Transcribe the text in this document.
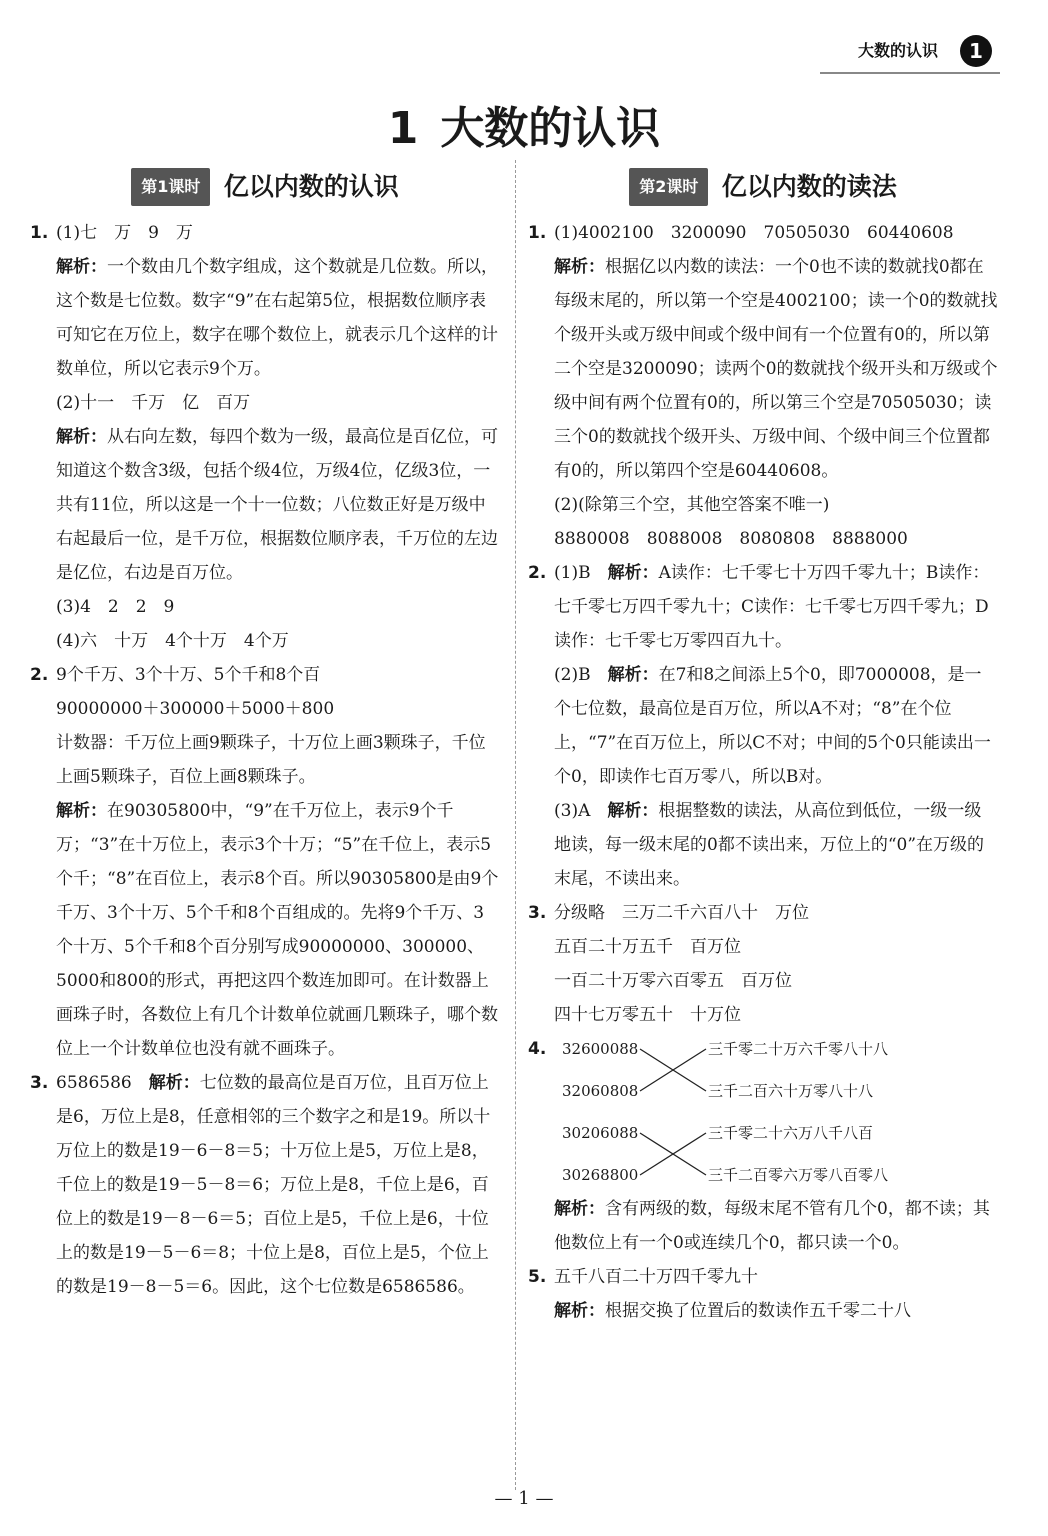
大数的认识	1
1 大数的认识
第1课时 亿以内数的认识
1. (1)七　万　9　万

解析：一个数由几个数字组成，这个数就是几位数。所以，这个数是七位数。数字“9”在右起第5位，根据数位顺序表可知它在万位上，数字在哪个数位上，就表示几个这样的计数单位，所以它表示9个万。

(2)十一　千万　亿　百万

解析：从右向左数，每四个数为一级，最高位是百亿位，可知道这个数含3级，包括个级4位，万级4位，亿级3位，一共有11位，所以这是一个十一位数；八位数正好是万级中右起最后一位，是千万位，根据数位顺序表，千万位的左边是亿位，右边是百万位。

(3)4　2　2　9

(4)六　十万　4个十万　4个万

2. 9个千万、3个十万、5个千和8个百

90000000＋300000＋5000＋800

计数器：千万位上画9颗珠子，十万位上画3颗珠子，千位上画5颗珠子，百位上画8颗珠子。

解析：在90305800中，“9”在千万位上，表示9个千万；“3”在十万位上，表示3个十万；“5”在千位上，表示5个千；“8”在百位上，表示8个百。所以90305800是由9个千万、3个十万、5个千和8个百组成的。先将9个千万、3个十万、5个千和8个百分别写成90000000、300000、5000和800的形式，再把这四个数连加即可。在计数器上画珠子时，各数位上有几个计数单位就画几颗珠子，哪个数位上一个计数单位也没有就不画珠子。

3. 6586586　 解析：七位数的最高位是百万位，且百万位上是6，万位上是8，任意相邻的三个数字之和是19。所以十万位上的数是19－6－8＝5；十万位上是5，万位上是8，千位上的数是19－5－8＝6；万位上是8，千位上是6，百位上的数是19－8－6＝5；百位上是5，千位上是6，十位上的数是19－5－6＝8；十位上是8，百位上是5，个位上的数是19－8－5＝6。因此，这个七位数是6586586。

第2课时 亿以内数的读法
1. (1)4002100　3200090　70505030　60440608

解析：根据亿以内数的读法：一个0也不读的数就找0都在每级末尾的，所以第一个空是4002100；读一个0的数就找个级开头或万级中间或个级中间有一个位置有0的，所以第二个空是3200090；读两个0的数就找个级开头和万级或个级中间有两个位置有0的，所以第三个空是70505030；读三个0的数就找个级开头、万级中间、个级中间三个位置都有0的，所以第四个空是60440608。

(2)(除第三个空，其他空答案不唯一)

8880008　8088008　8080808　8888000

2. (1)B　 解析：A读作：七千零七十万四千零九十；B读作：七千零七万四千零九十；C读作：七千零七万四千零九；D读作：七千零七万零四百九十。

(2)B　 解析：在7和8之间添上5个0，即7000008，是一个七位数，最高位是百万位，所以A不对；“8”在个位上，“7”在百万位上，所以C不对；中间的5个0只能读出一个0，即读作七百万零八，所以B对。

(3)A　 解析：根据整数的读法，从高位到低位，一级一级地读，每一级末尾的0都不读出来，万位上的“0”在万级的末尾，不读出来。

3. 分级略　三万二千六百八十　万位

五百二十万五千　百万位

一百二十万零六百零五　百万位

四十七万零五十　十万位

4. 32600088
32060808
30206088
30268800
三千零二十万六千零八十八
三千二百六十万零八十八
三千零二十六万八千八百
三千二百零六万零八百零八

解析：含有两级的数，每级末尾不管有几个0，都不读；其他数位上有一个0或连续几个0，都只读一个0。

5. 五千八百二十万四千零九十

解析：根据交换了位置后的数读作五千零二十八

— 1 —
